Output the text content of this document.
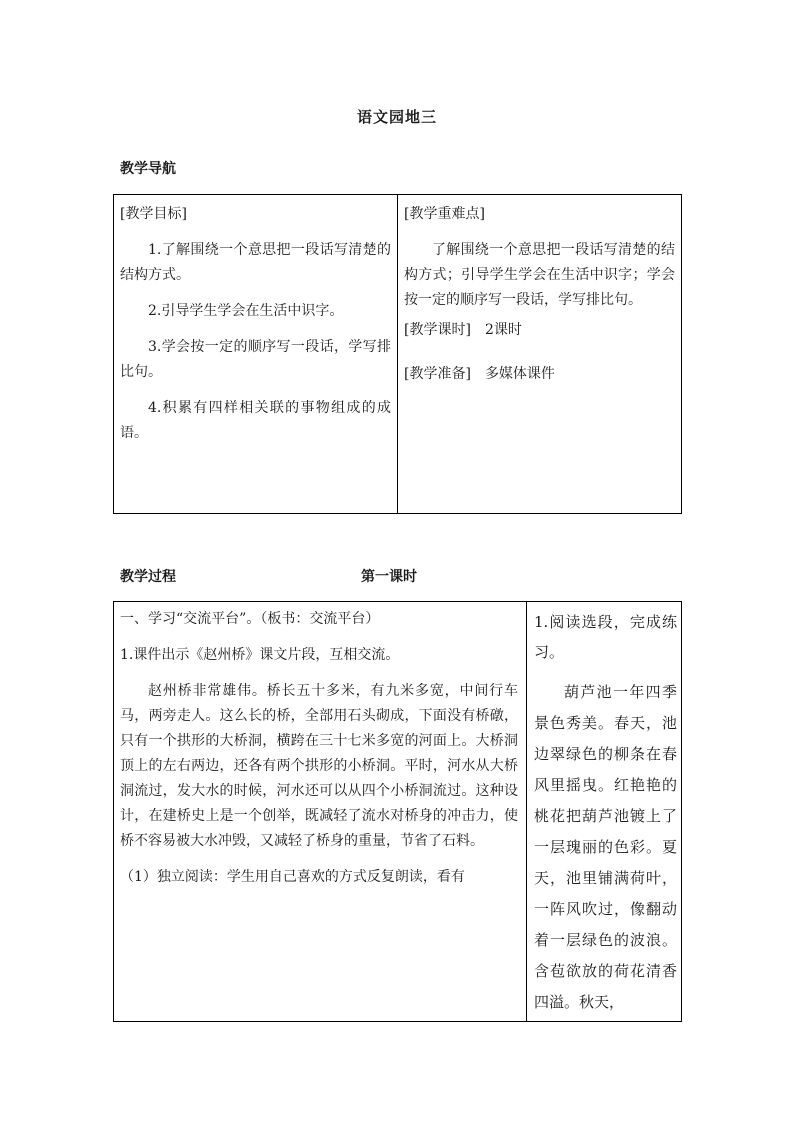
语文园地三
教学导航

[教学目标]

1.了解围绕一个意思把一段话写清楚的结构方式。

2.引导学生学会在生活中识字。

3.学会按一定的顺序写一段话，学写排比句。

4.积累有四样相关联的事物组成的成语。

[教学重难点]

了解围绕一个意思把一段话写清楚的结构方式；引导学生学会在生活中识字；学会按一定的顺序写一段话，学写排比句。

[教学课时] 2课时

[教学准备] 多媒体课件

教学过程	第一课时

一、学习“交流平台”。（板书：交流平台）

1.课件出示《赵州桥》课文片段，互相交流。

赵州桥非常雄伟。桥长五十多米，有九米多宽，中间行车马，两旁走人。这么长的桥，全部用石头砌成，下面没有桥礅，只有一个拱形的大桥洞，横跨在三十七米多宽的河面上。大桥洞顶上的左右两边，还各有两个拱形的小桥洞。平时，河水从大桥洞流过，发大水的时候，河水还可以从四个小桥洞流过。这种设计，在建桥史上是一个创举，既减轻了流水对桥身的冲击力，使桥不容易被大水冲毁，又减轻了桥身的重量，节省了石料。

（1）独立阅读：学生用自己喜欢的方式反复朗读，看有

1.阅读选段，完成练习。

葫芦池一年四季景色秀美。春天，池边翠绿色的柳条在春风里摇曳。红艳艳的桃花把葫芦池镀上了一层瑰丽的色彩。夏天，池里铺满荷叶，一阵风吹过，像翻动着一层绿色的波浪。含苞欲放的荷花清香四溢。秋天，
